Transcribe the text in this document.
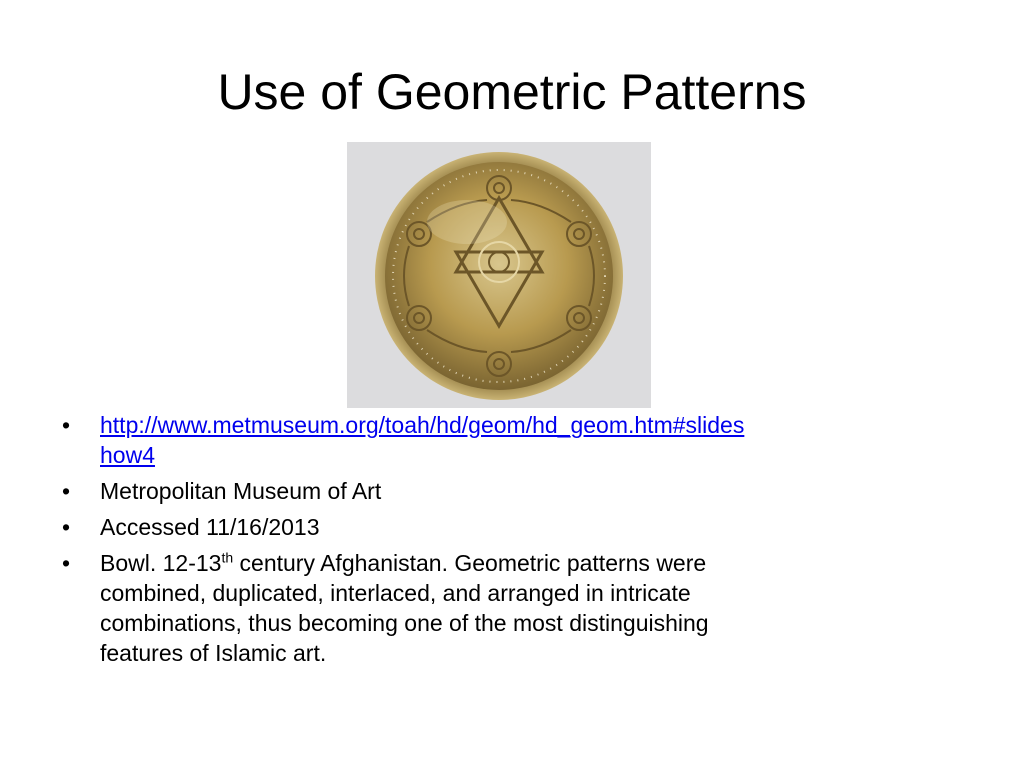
Use of Geometric Patterns
•	http://www.metmuseum.org/toah/hd/geom/hd_geom.htm#slides
how4
•	Metropolitan Museum of Art
•	Accessed 11/16/2013
•	Bowl. 12-13th century Afghanistan. Geometric patterns were
combined, duplicated, interlaced, and arranged in intricate
combinations, thus becoming one of the most distinguishing
features of Islamic art.
